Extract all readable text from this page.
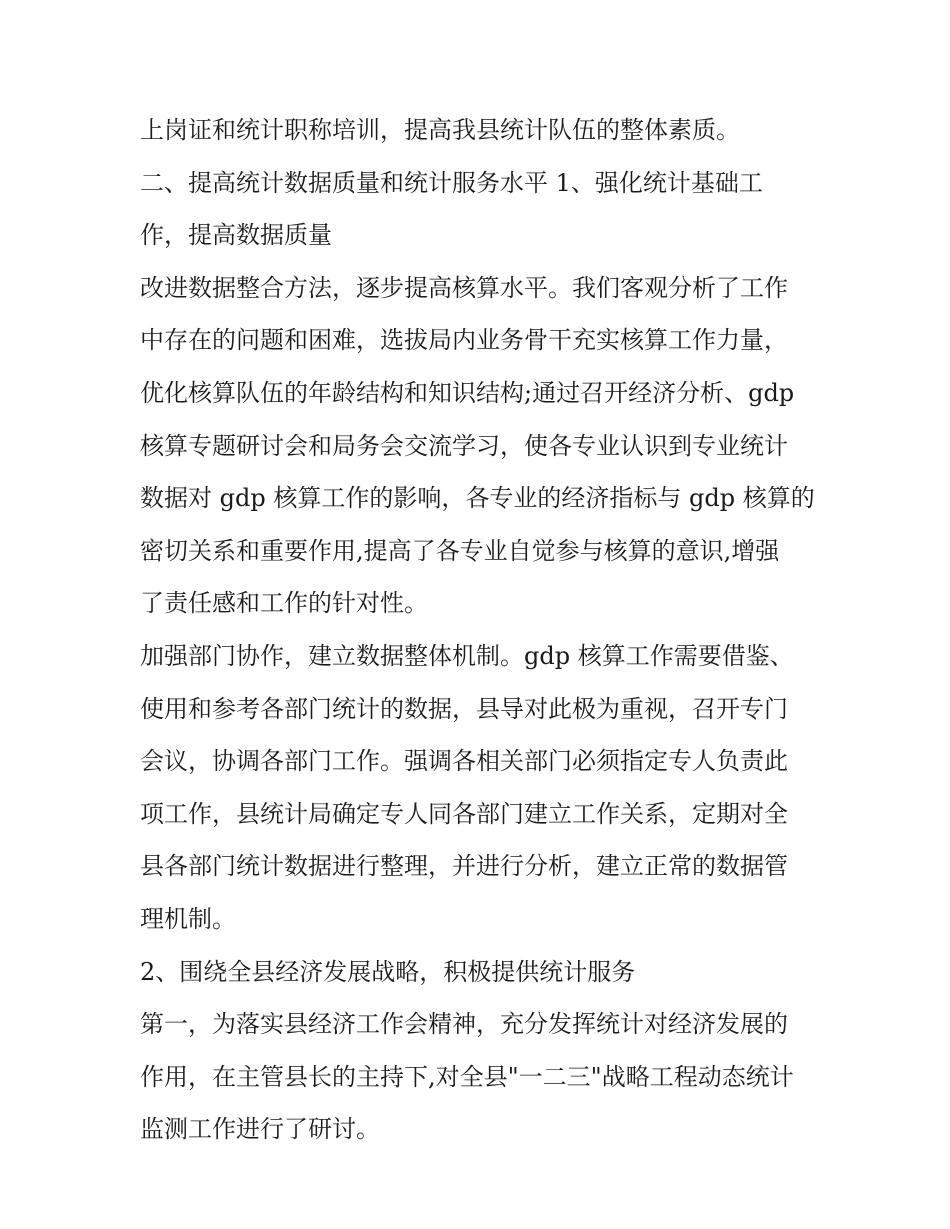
上岗证和统计职称培训，提高我县统计队伍的整体素质。
二、提高统计数据质量和统计服务水平 1、强化统计基础工
作，提高数据质量
改进数据整合方法，逐步提高核算水平。我们客观分析了工作
中存在的问题和困难，选拔局内业务骨干充实核算工作力量，
优化核算队伍的年龄结构和知识结构;通过召开经济分析、gdp
核算专题研讨会和局务会交流学习，使各专业认识到专业统计
数据对 gdp 核算工作的影响，各专业的经济指标与 gdp 核算的
密切关系和重要作用,提高了各专业自觉参与核算的意识,增强
了责任感和工作的针对性。
加强部门协作，建立数据整体机制。gdp 核算工作需要借鉴、
使用和参考各部门统计的数据，县导对此极为重视，召开专门
会议，协调各部门工作。强调各相关部门必须指定专人负责此
项工作，县统计局确定专人同各部门建立工作关系，定期对全
县各部门统计数据进行整理，并进行分析，建立正常的数据管
理机制。
2、围绕全县经济发展战略，积极提供统计服务
第一，为落实县经济工作会精神，充分发挥统计对经济发展的
作用，在主管县长的主持下,对全县"一二三"战略工程动态统计
监测工作进行了研讨。
